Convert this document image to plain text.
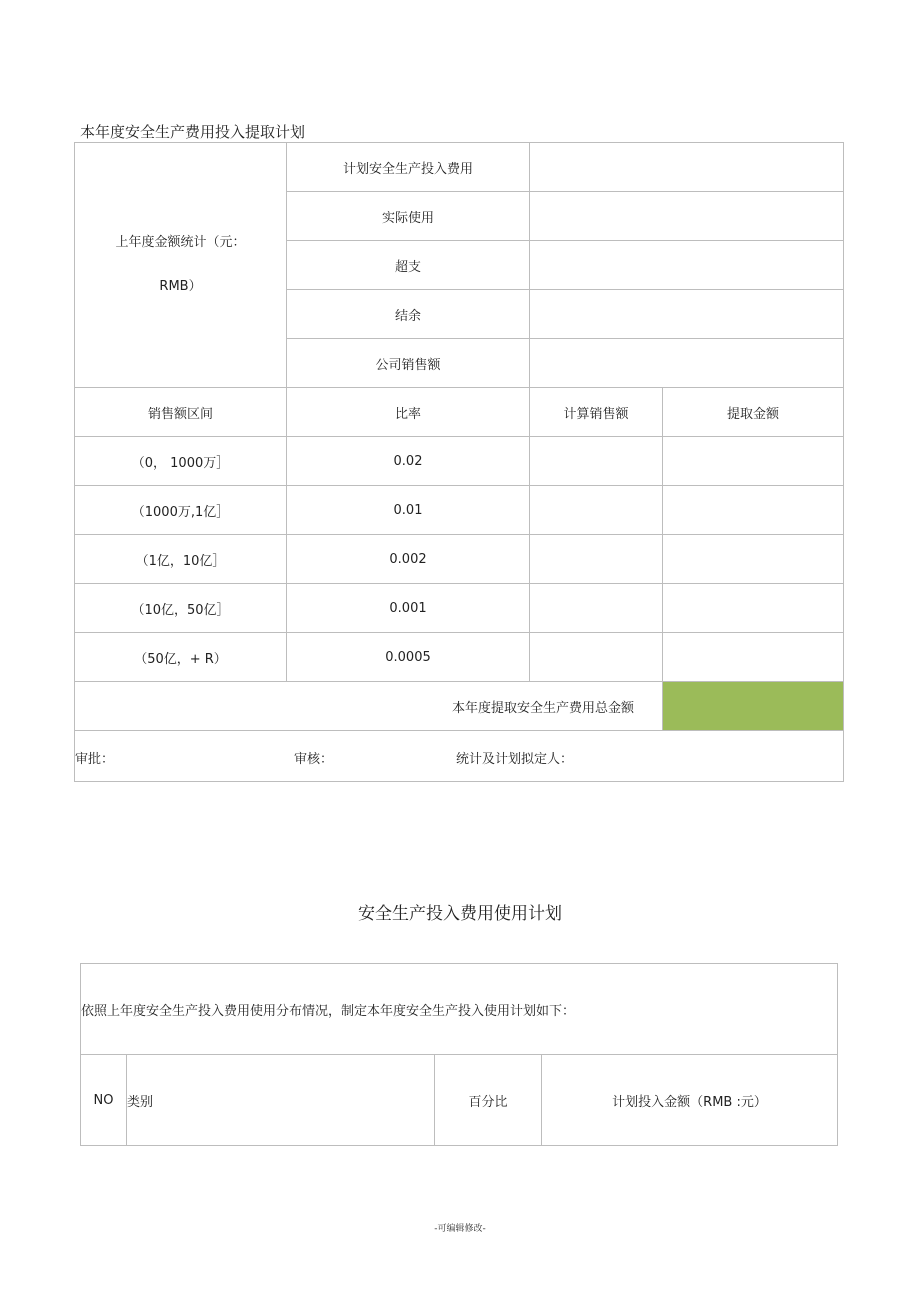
本年度安全生产费用投入提取计划
上年度金额统计（元：
RMB）	计划安全生产投入费用		
	实际使用		
	超支		
	结余		
	公司销售额		
销售额区间	比率	计算销售额	提取金额
（0， 1000万］	0.02		
（1000万,1亿］	0.01		
（1亿，10亿］	0.002		
（10亿，50亿］	0.001		
（50亿，+ R）	0.0005		
本年度提取安全生产费用总金额			

审批： 审核： 统计及计划拟定人：			
安全生产投入费用使用计划
依照上年度安全生产投入费用使用分布情况，制定本年度安全生产投入使用计划如下：
NO	类别	百分比	计划投入金额（RMB :元）
-可编辑修改-
